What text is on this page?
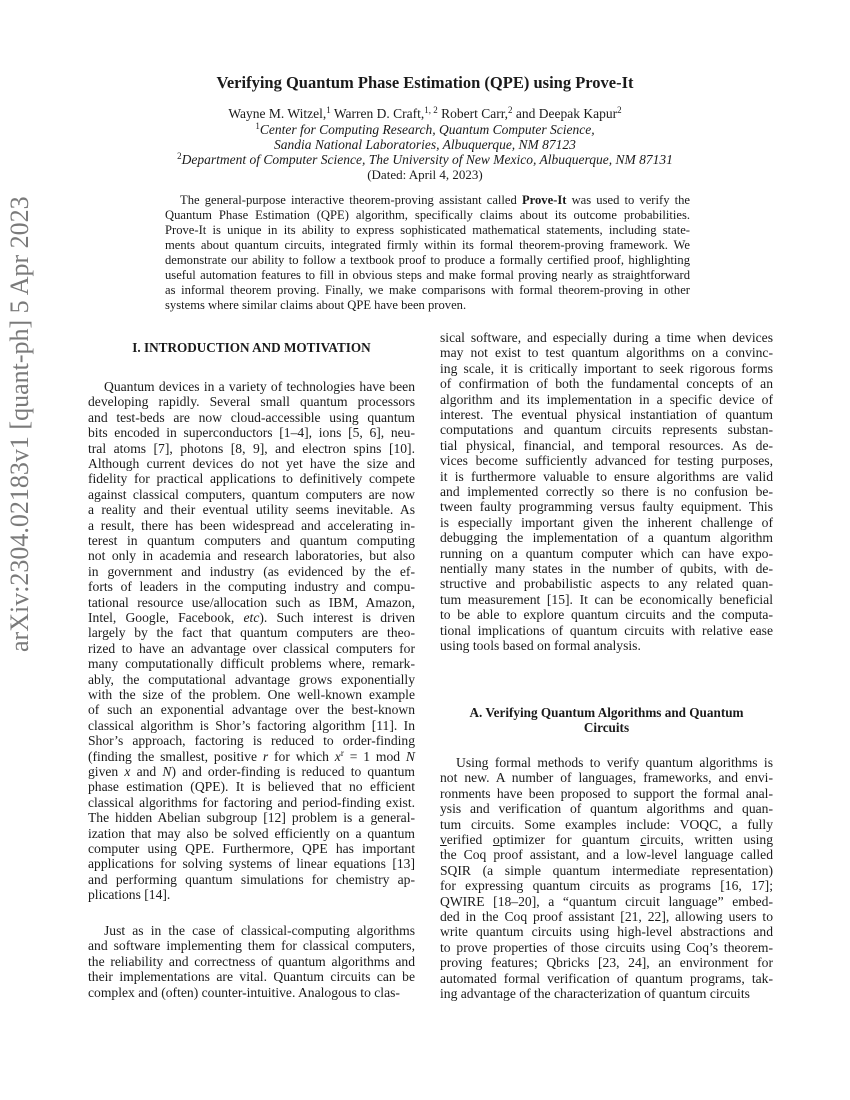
arXiv:2304.02183v1 [quant-ph] 5 Apr 2023
Verifying Quantum Phase Estimation (QPE) using Prove-It
Wayne M. Witzel,$^1$ Warren D. Craft,$^{1, 2}$ Robert Carr,$^2$ and Deepak Kapur$^2$
$^1$Center for Computing Research, Quantum Computer Science,
Sandia National Laboratories, Albuquerque, NM 87123
$^2$Department of Computer Science, The University of New Mexico, Albuquerque, NM 87131
(Dated: April 4, 2023)
The general-purpose interactive theorem-proving assistant called Prove-It was used to verify the
Quantum Phase Estimation (QPE) algorithm, specifically claims about its outcome probabilities.
Prove-It is unique in its ability to express sophisticated mathematical statements, including state-
ments about quantum circuits, integrated firmly within its formal theorem-proving framework. We
demonstrate our ability to follow a textbook proof to produce a formally certified proof, highlighting
useful automation features to fill in obvious steps and make formal proving nearly as straightforward
as informal theorem proving. Finally, we make comparisons with formal theorem-proving in other
systems where similar claims about QPE have been proven.
I. INTRODUCTION AND MOTIVATION
Quantum devices in a variety of technologies have been
developing rapidly. Several small quantum processors
and test-beds are now cloud-accessible using quantum
bits encoded in superconductors [1–4], ions [5, 6], neu-
tral atoms [7], photons [8, 9], and electron spins [10].
Although current devices do not yet have the size and
fidelity for practical applications to definitively compete
against classical computers, quantum computers are now
a reality and their eventual utility seems inevitable. As
a result, there has been widespread and accelerating in-
terest in quantum computers and quantum computing
not only in academia and research laboratories, but also
in government and industry (as evidenced by the ef-
forts of leaders in the computing industry and compu-
tational resource use/allocation such as IBM, Amazon,
Intel, Google, Facebook, etc). Such interest is driven
largely by the fact that quantum computers are theo-
rized to have an advantage over classical computers for
many computationally difficult problems where, remark-
ably, the computational advantage grows exponentially
with the size of the problem. One well-known example
of such an exponential advantage over the best-known
classical algorithm is Shor’s factoring algorithm [11]. In
Shor’s approach, factoring is reduced to order-finding
(finding the smallest, positive r for which $x^r = 1$ mod N
given x and N) and order-finding is reduced to quantum
phase estimation (QPE). It is believed that no efficient
classical algorithms for factoring and period-finding exist.
The hidden Abelian subgroup [12] problem is a general-
ization that may also be solved efficiently on a quantum
computer using QPE. Furthermore, QPE has important
applications for solving systems of linear equations [13]
and performing quantum simulations for chemistry ap-
plications [14].
Just as in the case of classical-computing algorithms
and software implementing them for classical computers,
the reliability and correctness of quantum algorithms and
their implementations are vital. Quantum circuits can be
complex and (often) counter-intuitive. Analogous to clas-
sical software, and especially during a time when devices
may not exist to test quantum algorithms on a convinc-
ing scale, it is critically important to seek rigorous forms
of confirmation of both the fundamental concepts of an
algorithm and its implementation in a specific device of
interest. The eventual physical instantiation of quantum
computations and quantum circuits represents substan-
tial physical, financial, and temporal resources. As de-
vices become sufficiently advanced for testing purposes,
it is furthermore valuable to ensure algorithms are valid
and implemented correctly so there is no confusion be-
tween faulty programming versus faulty equipment. This
is especially important given the inherent challenge of
debugging the implementation of a quantum algorithm
running on a quantum computer which can have expo-
nentially many states in the number of qubits, with de-
structive and probabilistic aspects to any related quan-
tum measurement [15]. It can be economically beneficial
to be able to explore quantum circuits and the computa-
tional implications of quantum circuits with relative ease
using tools based on formal analysis.
Using formal methods to verify quantum algorithms is
not new. A number of languages, frameworks, and envi-
ronments have been proposed to support the formal anal-
ysis and verification of quantum algorithms and quan-
tum circuits. Some examples include: VOQC, a fully
verified optimizer for quantum circuits, written using
the Coq proof assistant, and a low-level language called
SQIR (a simple quantum intermediate representation)
for expressing quantum circuits as programs [16, 17];
QWIRE [18–20], a “quantum circuit language” embed-
ded in the Coq proof assistant [21, 22], allowing users to
write quantum circuits using high-level abstractions and
to prove properties of those circuits using Coq’s theorem-
proving features; Qbricks [23, 24], an environment for
automated formal verification of quantum programs, tak-
ing advantage of the characterization of quantum circuits
A. Verifying Quantum Algorithms and Quantum
Circuits
